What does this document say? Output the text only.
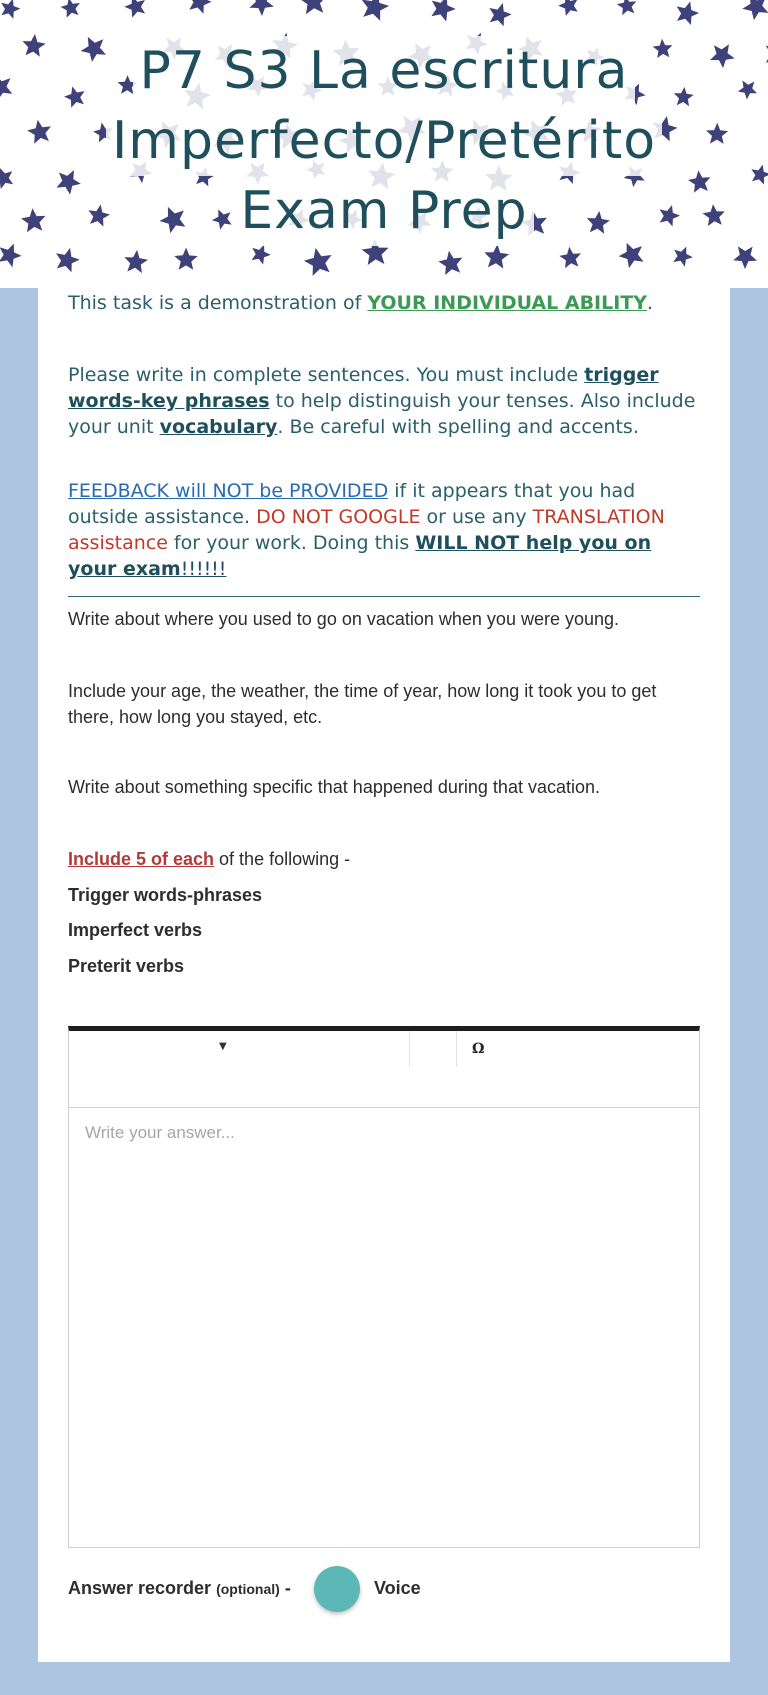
P7 S3 La escritura
Imperfecto/Pretérito
Exam Prep
This task is a demonstration of YOUR INDIVIDUAL ABILITY.
Please write in complete sentences. You must include trigger words-key phrases to help distinguish your tenses. Also include your unit vocabulary. Be careful with spelling and accents.
FEEDBACK will NOT be PROVIDED if it appears that you had outside assistance. DO NOT GOOGLE or use any TRANSLATION assistance for your work. Doing this WILL NOT help you on your exam!!!!!!
Write about where you used to go on vacation when you were young.
Include your age, the weather, the time of year, how long it took you to get there, how long you stayed, etc.
Write about something specific that happened during that vacation.
Include 5 of each of the following -
Trigger words-phrases
Imperfect verbs
Preterit verbs
▼	Ω
Write your answer...
Answer recorder (optional) -	Voice
